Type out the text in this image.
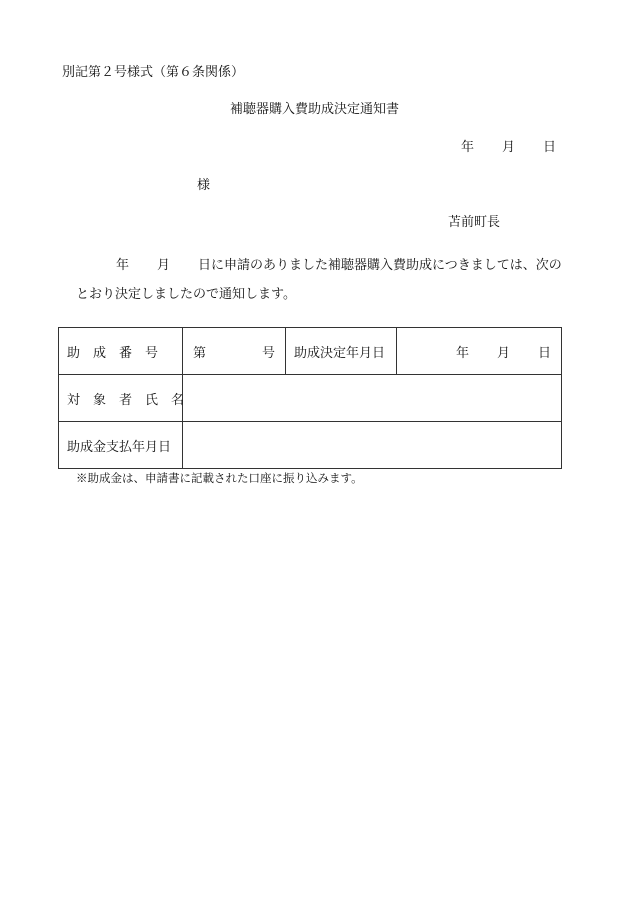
別記第２号様式（第６条関係）
補聴器購入費助成決定通知書
年 月 日
様
苫前町長
年 月 日に申請のありました補聴器購入費助成につきましては、次の
とおり決定しましたので通知します。
助　成　番　号	第 号	助成決定年月日	年 月 日

対　象　者　氏　名			
助成金支払年月日			
※助成金は、申請書に記載された口座に振り込みます。
